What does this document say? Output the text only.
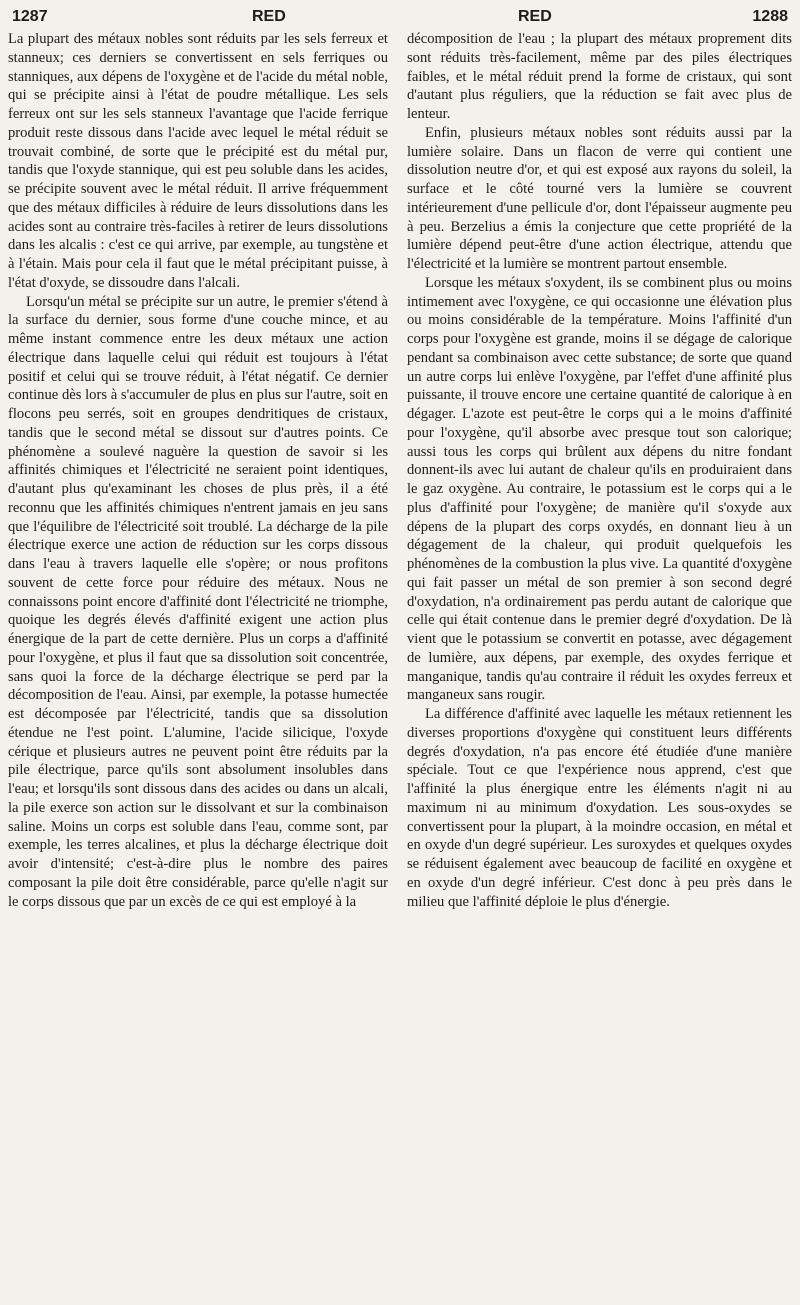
1287	RED	RED	1288

La plupart des métaux nobles sont réduits par les sels ferreux et stanneux; ces derniers se convertissent en sels ferriques ou stanniques, aux dépens de l'oxygène et de l'acide du métal noble, qui se précipite ainsi à l'état de poudre métallique. Les sels ferreux ont sur les sels stanneux l'avantage que l'acide ferrique produit reste dissous dans l'acide avec lequel le métal réduit se trouvait combiné, de sorte que le précipité est du métal pur, tandis que l'oxyde stannique, qui est peu soluble dans les acides, se précipite souvent avec le métal réduit. Il arrive fréquemment que des métaux difficiles à réduire de leurs dissolutions dans les acides sont au contraire très-faciles à retirer de leurs dissolutions dans les alcalis : c'est ce qui arrive, par exemple, au tungstène et à l'étain. Mais pour cela il faut que le métal précipitant puisse, à l'état d'oxyde, se dissoudre dans l'alcali.

Lorsqu'un métal se précipite sur un autre, le premier s'étend à la surface du dernier, sous forme d'une couche mince, et au même instant commence entre les deux métaux une action électrique dans laquelle celui qui réduit est toujours à l'état positif et celui qui se trouve réduit, à l'état négatif. Ce dernier continue dès lors à s'accumuler de plus en plus sur l'autre, soit en flocons peu serrés, soit en groupes dendritiques de cristaux, tandis que le second métal se dissout sur d'autres points. Ce phénomène a soulevé naguère la question de savoir si les affinités chimiques et l'électricité ne seraient point identiques, d'autant plus qu'examinant les choses de plus près, il a été reconnu que les affinités chimiques n'entrent jamais en jeu sans que l'équilibre de l'électricité soit troublé. La décharge de la pile électrique exerce une action de réduction sur les corps dissous dans l'eau à travers laquelle elle s'opère; or nous profitons souvent de cette force pour réduire des métaux. Nous ne connaissons point encore d'affinité dont l'électricité ne triomphe, quoique les degrés élevés d'affinité exigent une action plus énergique de la part de cette dernière. Plus un corps a d'affinité pour l'oxygène, et plus il faut que sa dissolution soit concentrée, sans quoi la force de la décharge électrique se perd par la décomposition de l'eau. Ainsi, par exemple, la potasse humectée est décomposée par l'électricité, tandis que sa dissolution étendue ne l'est point. L'alumine, l'acide silicique, l'oxyde cérique et plusieurs autres ne peuvent point être réduits par la pile électrique, parce qu'ils sont absolument insolubles dans l'eau; et lorsqu'ils sont dissous dans des acides ou dans un alcali, la pile exerce son action sur le dissolvant et sur la combinaison saline. Moins un corps est soluble dans l'eau, comme sont, par exemple, les terres alcalines, et plus la décharge électrique doit avoir d'intensité; c'est-à-dire plus le nombre des paires composant la pile doit être considérable, parce qu'elle n'agit sur le corps dissous que par un excès de ce qui est employé à la

décomposition de l'eau ; la plupart des métaux proprement dits sont réduits très-facilement, même par des piles électriques faibles, et le métal réduit prend la forme de cristaux, qui sont d'autant plus réguliers, que la réduction se fait avec plus de lenteur.

Enfin, plusieurs métaux nobles sont réduits aussi par la lumière solaire. Dans un flacon de verre qui contient une dissolution neutre d'or, et qui est exposé aux rayons du soleil, la surface et le côté tourné vers la lumière se couvrent intérieurement d'une pellicule d'or, dont l'épaisseur augmente peu à peu. Berzelius a émis la conjecture que cette propriété de la lumière dépend peut-être d'une action électrique, attendu que l'électricité et la lumière se montrent partout ensemble.

Lorsque les métaux s'oxydent, ils se combinent plus ou moins intimement avec l'oxygène, ce qui occasionne une élévation plus ou moins considérable de la température. Moins l'affinité d'un corps pour l'oxygène est grande, moins il se dégage de calorique pendant sa combinaison avec cette substance; de sorte que quand un autre corps lui enlève l'oxygène, par l'effet d'une affinité plus puissante, il trouve encore une certaine quantité de calorique à en dégager. L'azote est peut-être le corps qui a le moins d'affinité pour l'oxygène, qu'il absorbe avec presque tout son calorique; aussi tous les corps qui brûlent aux dépens du nitre fondant donnent-ils avec lui autant de chaleur qu'ils en produiraient dans le gaz oxygène. Au contraire, le potassium est le corps qui a le plus d'affinité pour l'oxygène; de manière qu'il s'oxyde aux dépens de la plupart des corps oxydés, en donnant lieu à un dégagement de la chaleur, qui produit quelquefois les phénomènes de la combustion la plus vive. La quantité d'oxygène qui fait passer un métal de son premier à son second degré d'oxydation, n'a ordinairement pas perdu autant de calorique que celle qui était contenue dans le premier degré d'oxydation. De là vient que le potassium se convertit en potasse, avec dégagement de lumière, aux dépens, par exemple, des oxydes ferrique et manganique, tandis qu'au contraire il réduit les oxydes ferreux et manganeux sans rougir.

La différence d'affinité avec laquelle les métaux retiennent les diverses proportions d'oxygène qui constituent leurs différents degrés d'oxydation, n'a pas encore été étudiée d'une manière spéciale. Tout ce que l'expérience nous apprend, c'est que l'affinité la plus énergique entre les éléments n'agit ni au maximum ni au minimum d'oxydation. Les sous-oxydes se convertissent pour la plupart, à la moindre occasion, en métal et en oxyde d'un degré supérieur. Les suroxydes et quelques oxydes se réduisent également avec beaucoup de facilité en oxygène et en oxyde d'un degré inférieur. C'est donc à peu près dans le milieu que l'affinité déploie le plus d'énergie.
